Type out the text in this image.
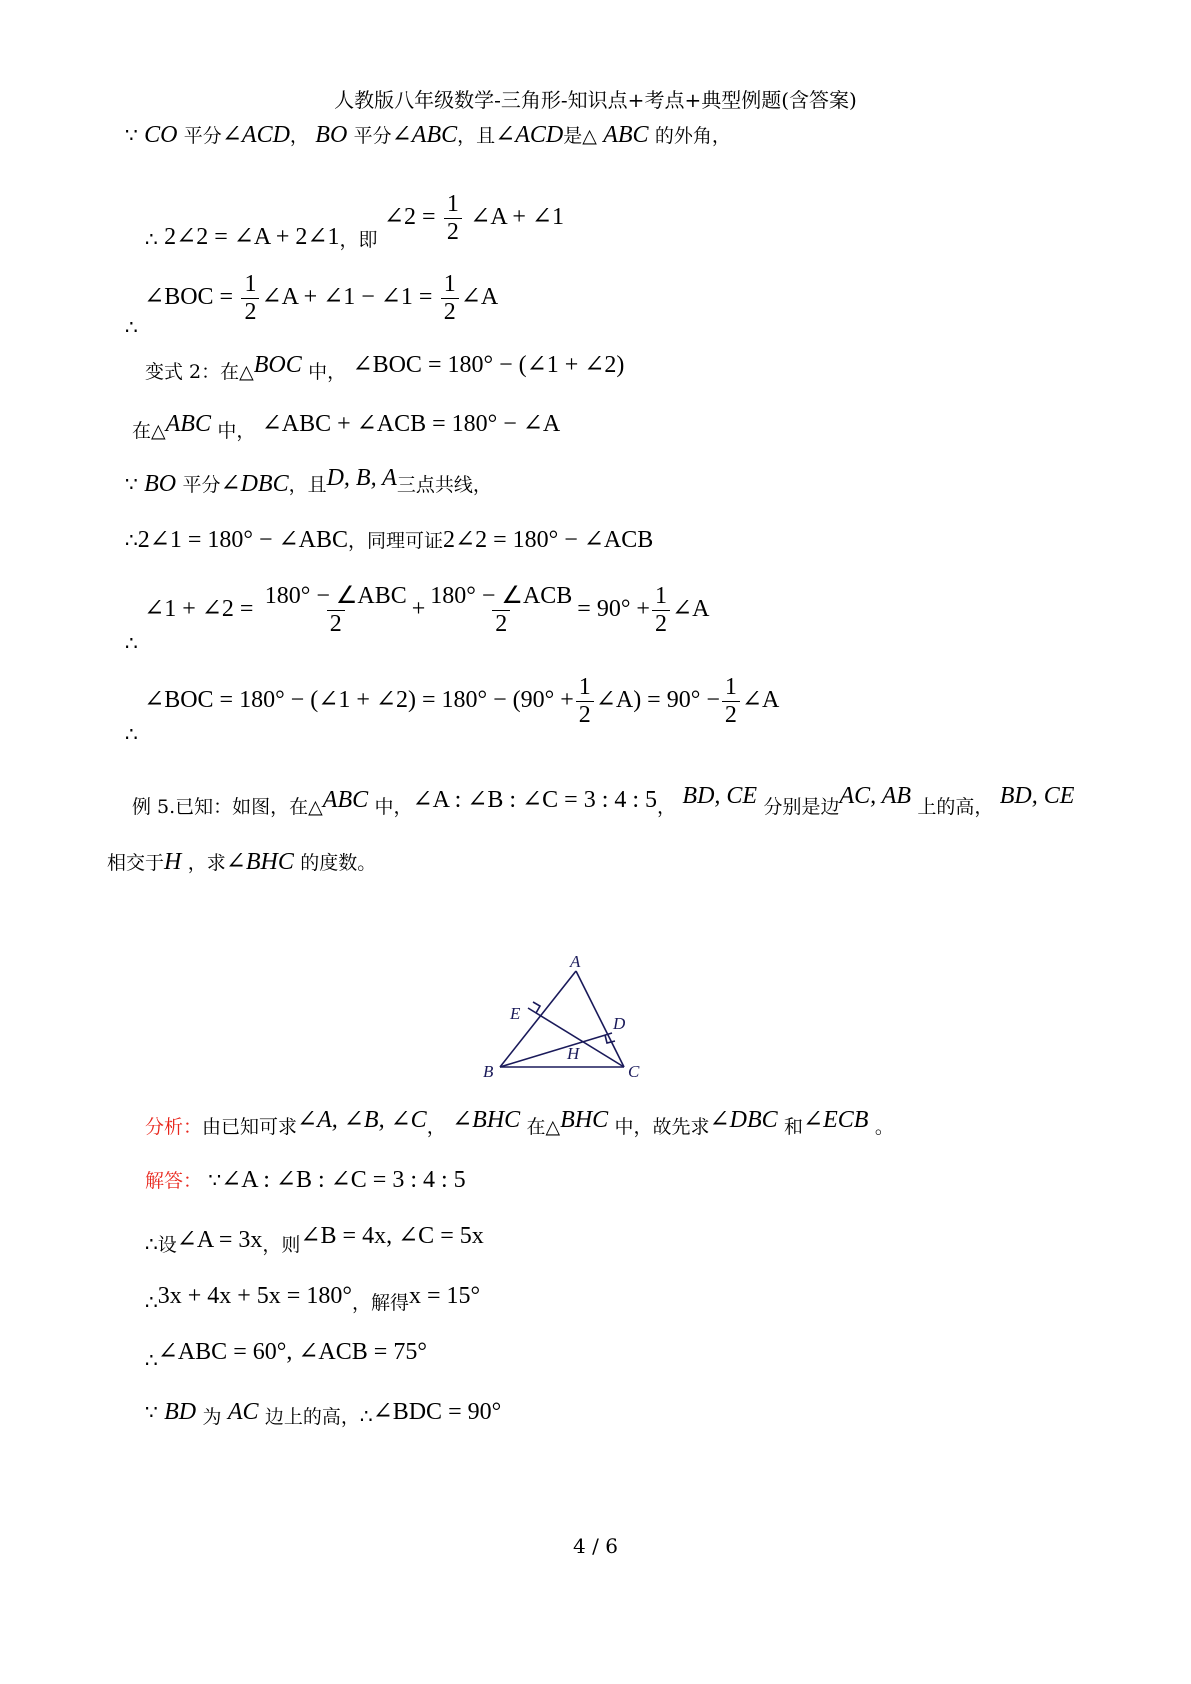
人教版八年级数学-三角形-知识点+考点+典型例题(含答案)
∵ CO 平分∠ACD， BO 平分∠ABC，且∠ACD是△ ABC 的外角，
∴ 2∠2 = ∠A + 2∠1，即 ∠2 = $\frac{1}{2}$ ∠A + ∠1
∴ ∠BOC = $\frac{1}{2}$ ∠A + ∠1 − ∠1 = $\frac{1}{2}$ ∠A
变式 2：在△BOC 中， ∠BOC = 180° − (∠1 + ∠2)
在△ABC 中， ∠ABC + ∠ACB = 180° − ∠A
∵ BO 平分∠DBC，且D, B, A三点共线，
∴2∠1 = 180° − ∠ABC，同理可证2∠2 = 180° − ∠ACB
∴ ∠1 + ∠2 = $\frac{\text{180° − ∠ABC}}{2} + \frac{\text{180° − ∠ACB}}{2} = 90^\circ + \frac{1}{2}$ ∠A
∴ ∠BOC = 180° − (∠1 + ∠2) = $180^\circ - (90^\circ + \frac{1}{2}$ ∠A) = $90^\circ - \frac{1}{2}$ ∠A
例 5.已知：如图，在△ABC 中，∠A : ∠B : ∠C = 3 : 4 : 5， BD, CE 分别是边AC, AB 上的高， BD, CE
相交于H ，求∠BHC 的度数。
A
B	C
D
E
H
分析：由已知可求∠A, ∠B, ∠C， ∠BHC 在△BHC 中，故先求∠DBC 和∠ECB 。
解答： ∵∠A : ∠B : ∠C = 3 : 4 : 5
∴设∠A = 3x，则∠B = 4x, ∠C = 5x
∴3x + 4x + 5x = 180°，解得x = 15°
∴∠ABC = 60°, ∠ACB = 75°
∵ BD 为 AC 边上的高，∴∠BDC = 90°
4 / 6
